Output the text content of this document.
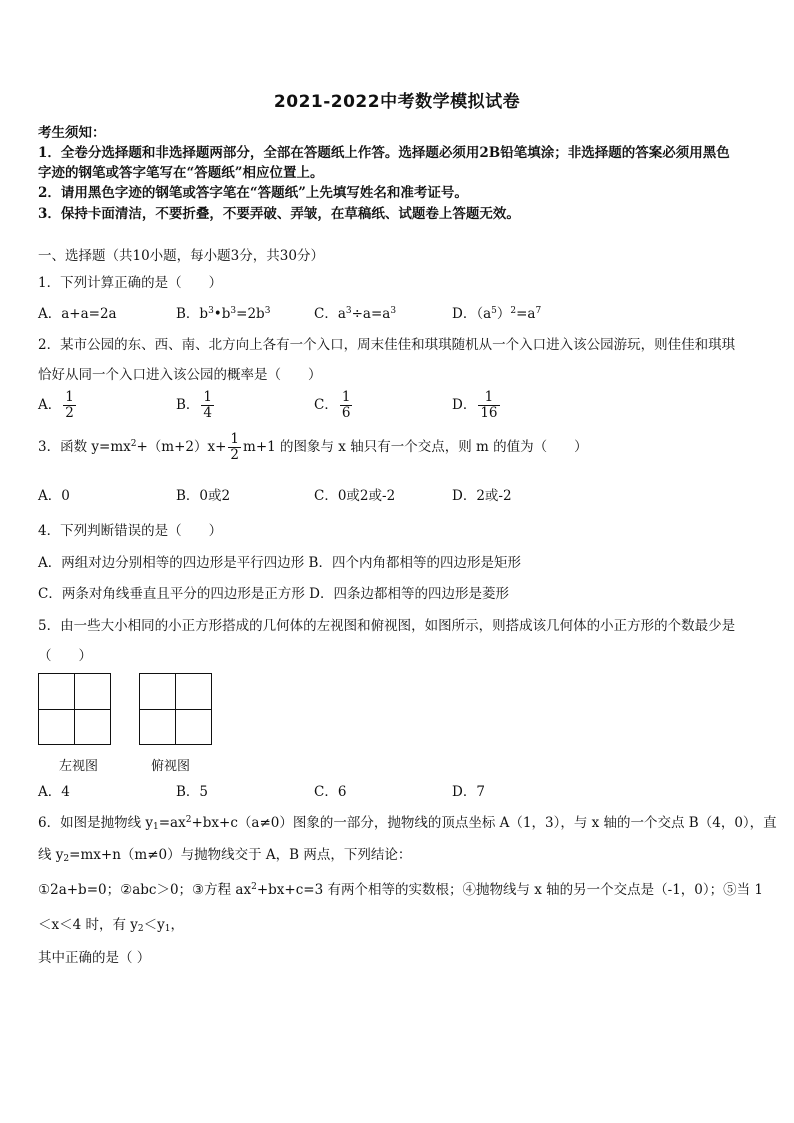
2021-2022中考数学模拟试卷
考生须知：
1．全卷分选择题和非选择题两部分，全部在答题纸上作答。选择题必须用2B铅笔填涂；非选择题的答案必须用黑色
字迹的钢笔或答字笔写在“答题纸”相应位置上。
2．请用黑色字迹的钢笔或答字笔在“答题纸”上先填写姓名和准考证号。
3．保持卡面清洁，不要折叠，不要弄破、弄皱，在草稿纸、试题卷上答题无效。
一、选择题（共10小题，每小题3分，共30分）
1．下列计算正确的是（　　）
A．a+a=2a	B．$b^3•b^3=2b^3$	C．$a^3\div a=a^3$	D．$(a^5)^2=a^7$
2．某市公园的东、西、南、北方向上各有一个入口，周末佳佳和琪琪随机从一个入口进入该公园游玩，则佳佳和琪琪
恰好从同一个入口进入该公园的概率是（　　）
A． $\frac{1}{2}$	B． $\frac{1}{4}$	C． $\frac{1}{6}$	D． $\frac{1}{16}$
3．函数 $y=mx^2+(m+2)x+ \frac{1}{2} m+1$ 的图象与 x 轴只有一个交点，则 m 的值为（　　）
A．0	B．0或2	C．0或2或-2	D．2或-2
4．下列判断错误的是（　　）
A．两组对边分别相等的四边形是平行四边形 B．四个内角都相等的四边形是矩形
C．两条对角线垂直且平分的四边形是正方形 D．四条边都相等的四边形是菱形
5．由一些大小相同的小正方形搭成的几何体的左视图和俯视图，如图所示，则搭成该几何体的小正方形的个数最少是
（　　）
左视图	俯视图
A．4	B．5	C．6	D．7
6．如图是抛物线 $y_1=ax^2+bx+c(a\ne 0)$图象的一部分，抛物线的顶点坐标 A（1，3），与 x 轴的一个交点 B（4，0），直
线 $y_2=mx+n(m\ne 0)$与抛物线交于 A，B 两点，下列结论：
①2a+b=0；②abc＞0；③方程 $ax^2+bx+c=3$ 有两个相等的实数根；④抛物线与 x 轴的另一个交点是（-1，0）；⑤当 1
＜x＜4 时，有 $y_2<y_1$，
其中正确的是（ ）
